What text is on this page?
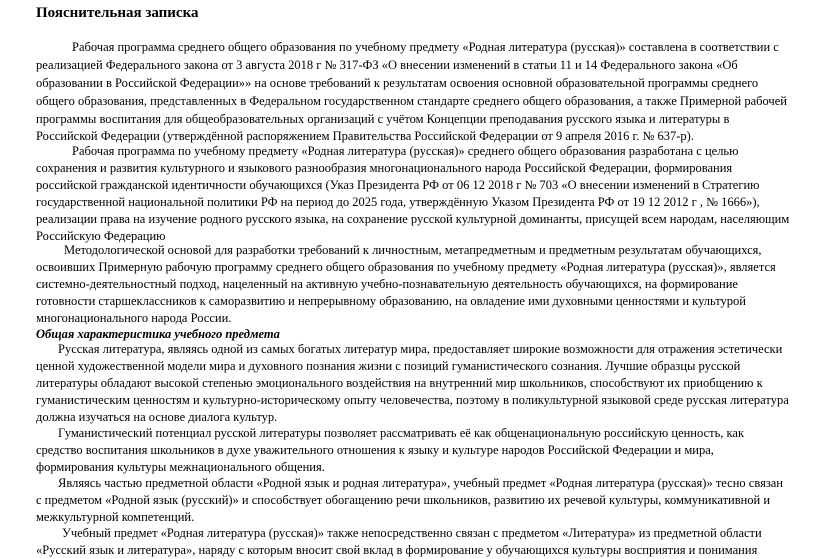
Пояснительная записка
Рабочая программа среднего общего образования по учебному предмету «Родная литература (русская)» составлена в соответствии с
реализацией Федерального закона от 3 августа 2018 г № 317-ФЗ «О внесении изменений в статьи 11 и 14 Федерального закона «Об
образовании в Российской Федерации»» на основе требований к результатам освоения основной образовательной программы среднего
общего образования, представленных в Федеральном государственном стандарте среднего общего образования, а также Примерной рабочей
программы воспитания для общеобразовательных организаций с учётом Концепции преподавания русского языка и литературы в
Российской Федерации (утверждённой распоряжением Правительства Российской Федерации от 9 апреля 2016 г. № 637-р).
Рабочая программа по учебному предмету «Родная литература (русская)» среднего общего образования разработана с целью
сохранения и развития культурного и языкового разнообразия многонационального народа Российской Федерации, формирования
российской гражданской идентичности обучающихся (Указ Президента РФ от 06 12 2018 г № 703 «О внесении изменений в Стратегию
государственной национальной политики РФ на период до 2025 года, утверждённую Указом Президента РФ от 19 12 2012 г , № 1666»),
реализации права на изучение родного русского языка, на сохранение русской культурной доминанты, присущей всем народам, населяющим
Российскую Федерацию
Методологической основой для разработки требований к личностным, метапредметным и предметным результатам обучающихся,
освоивших Примерную рабочую программу среднего общего образования по учебному предмету «Родная литература (русская)», является
системно-деятельностный подход, нацеленный на активную учебно-познавательную деятельность обучающихся, на формирование
готовности старшеклассников к саморазвитию и непрерывному образованию, на овладение ими духовными ценностями и культурой
многонационального народа России.
Общая характеристика учебного предмета
Русская литература, являясь одной из самых богатых литератур мира, предоставляет широкие возможности для отражения эстетически
ценной художественной модели мира и духовного познания жизни с позиций гуманистического сознания. Лучшие образцы русской
литературы обладают высокой степенью эмоционального воздействия на внутренний мир школьников, способствуют их приобщению к
гуманистическим ценностям и культурно-историческому опыту человечества, поэтому в поликультурной языковой среде русская литература
должна изучаться на основе диалога культур.
Гуманистический потенциал русской литературы позволяет рассматривать её как общенациональную российскую ценность, как
средство воспитания школьников в духе уважительного отношения к языку и культуре народов Российской Федерации и мира,
формирования культуры межнационального общения.
Являясь частью предметной области «Родной язык и родная литература», учебный предмет «Родная литература (русская)» тесно связан
с предметом «Родной язык (русский)» и способствует обогащению речи школьников, развитию их речевой культуры, коммуникативной и
межкультурной компетенций.
Учебный предмет «Родная литература (русская)» также непосредственно связан с предметом «Литература» из предметной области
«Русский язык и литература», наряду с которым вносит свой вклад в формирование у обучающихся культуры восприятия и понимания
